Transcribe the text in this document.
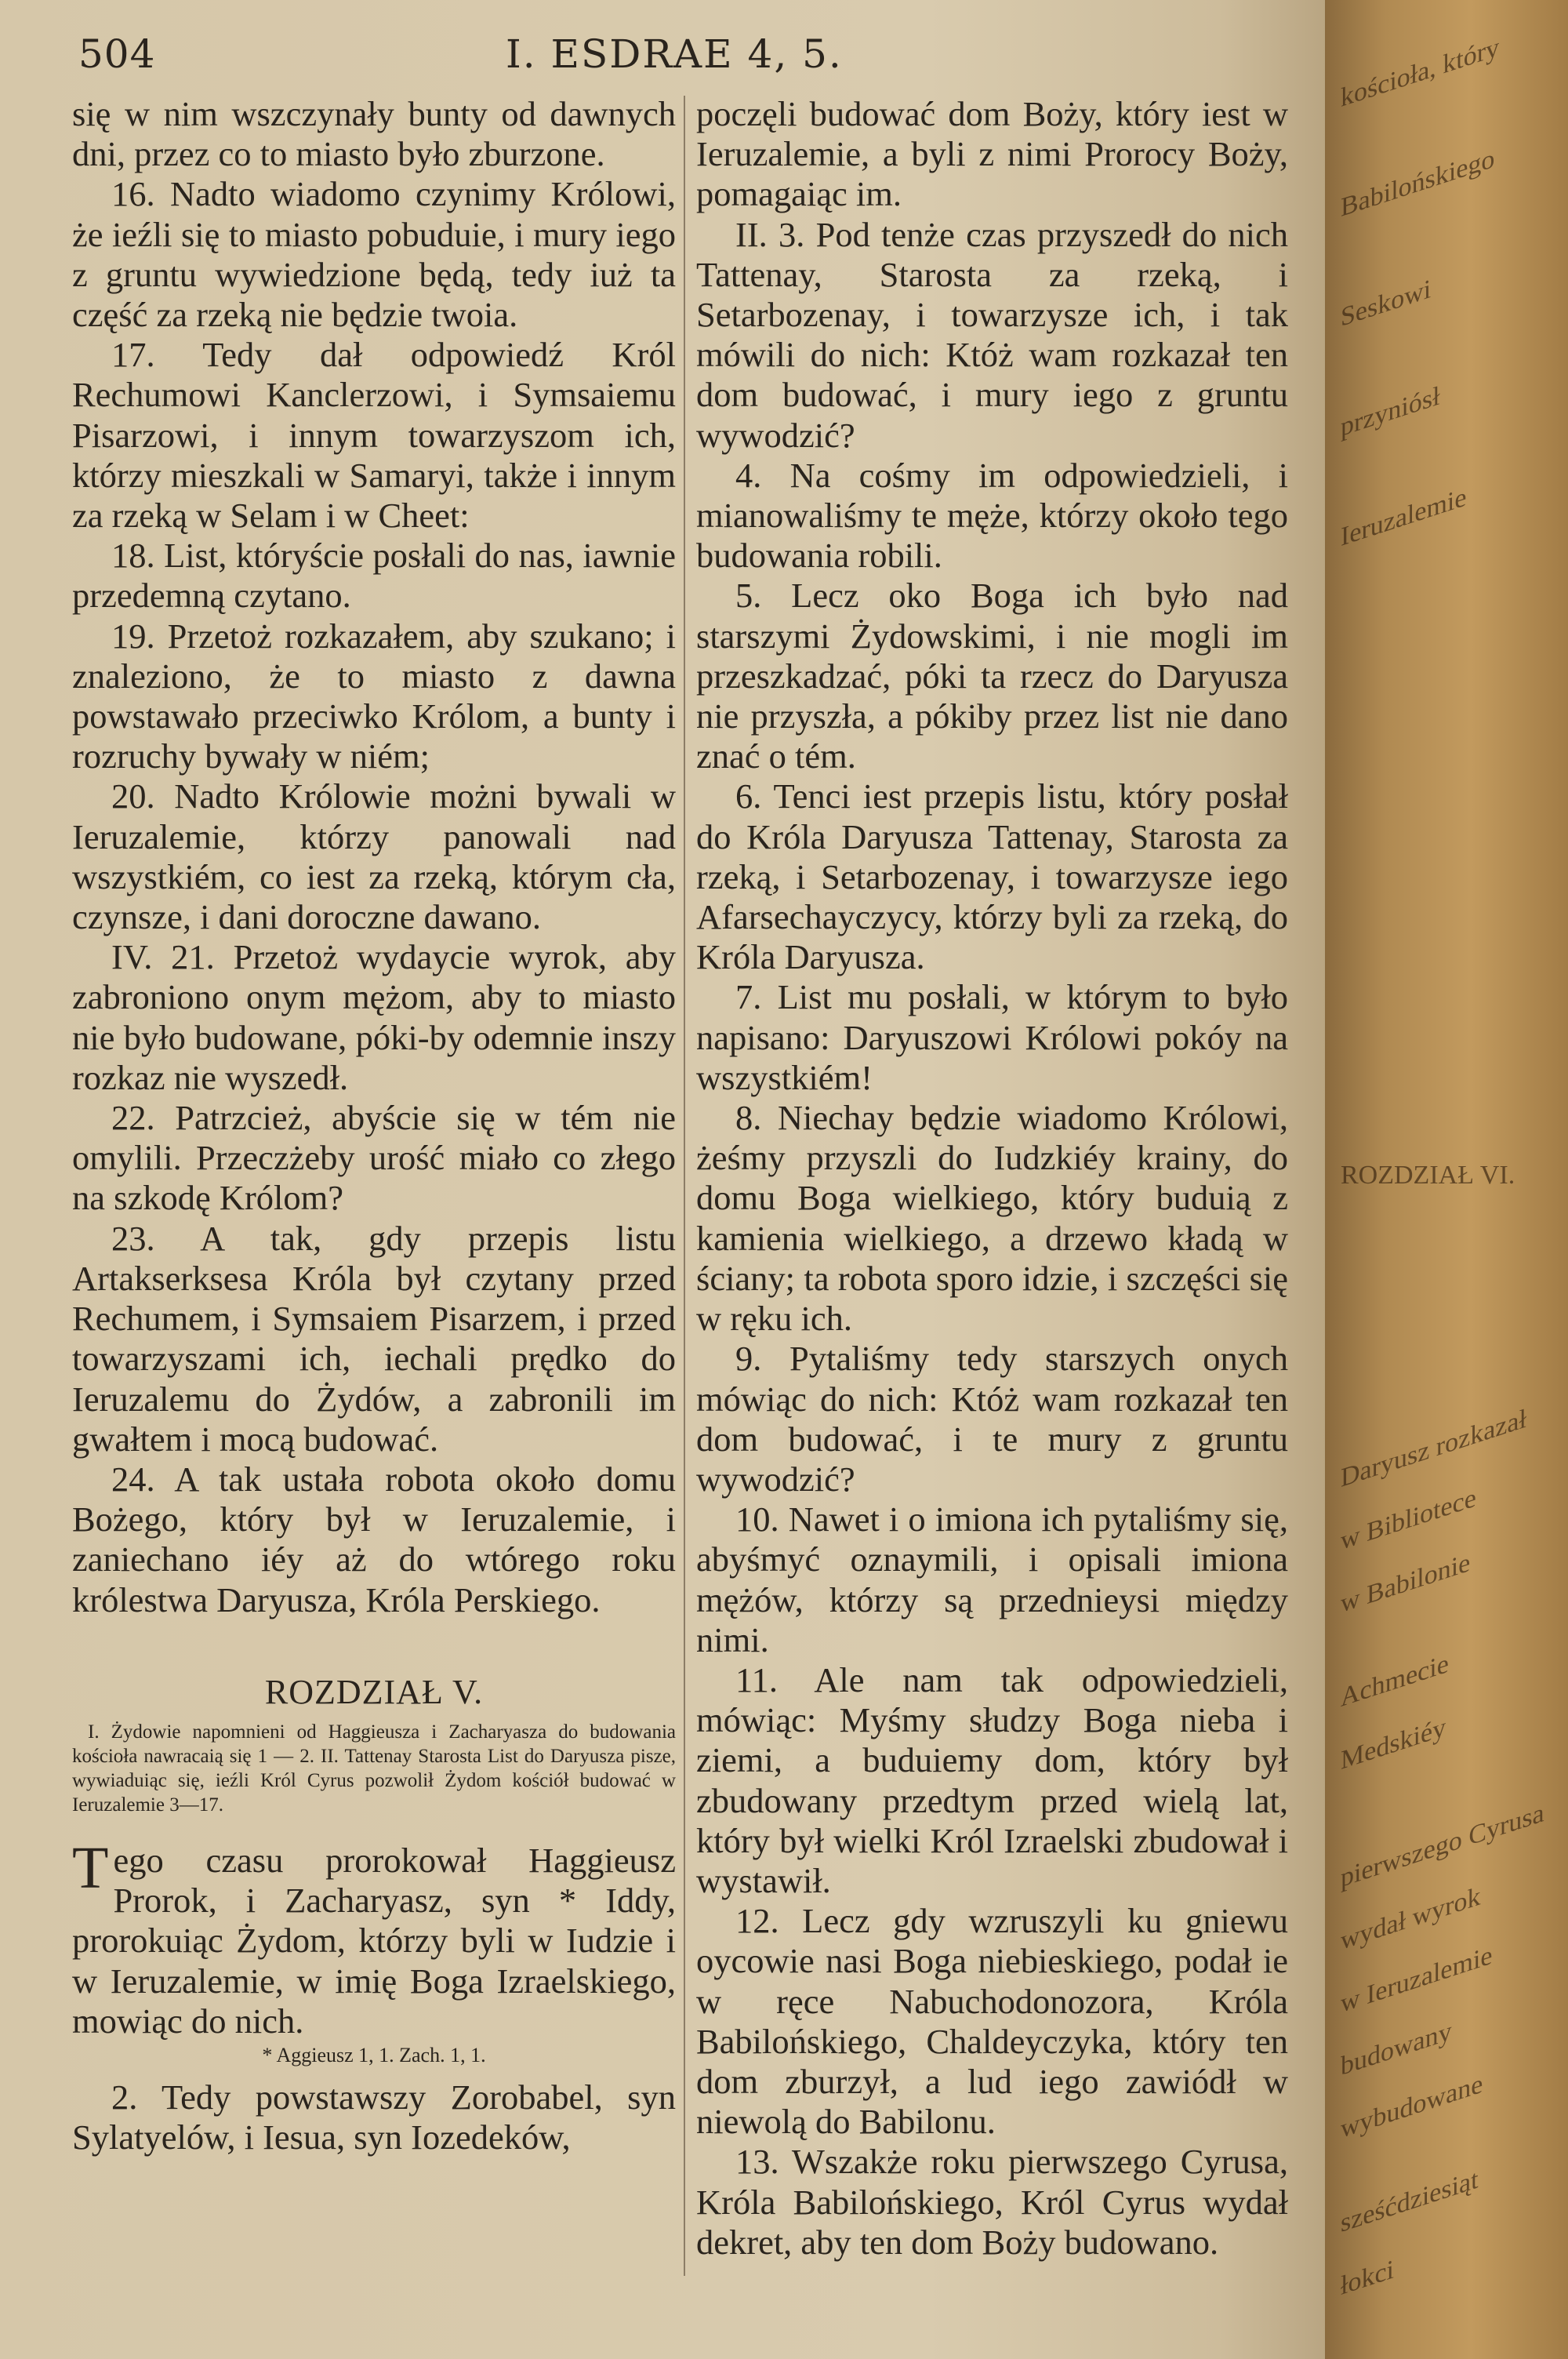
504	I. ESDRAE 4, 5.

się w nim wszczynały bunty od dawnych dni, przez co to miasto było zburzone.

16. Nadto wiadomo czynimy Królowi, że ieźli się to miasto pobuduie, i mury iego z gruntu wywiedzione będą, tedy iuż ta część za rzeką nie będzie twoia.

17. Tedy dał odpowiedź Król Rechumowi Kanclerzowi, i Symsaiemu Pisarzowi, i innym towarzyszom ich, którzy mieszkali w Samaryi, także i innym za rzeką w Selam i w Cheet:

18. List, któryście posłali do nas, iawnie przedemną czytano.

19. Przetoż rozkazałem, aby szukano; i znaleziono, że to miasto z dawna powstawało przeciwko Królom, a bunty i rozruchy bywały w niém;

20. Nadto Królowie możni bywali w Ieruzalemie, którzy panowali nad wszystkiém, co iest za rzeką, którym cła, czynsze, i dani doroczne dawano.

IV. 21. Przetoż wydaycie wyrok, aby zabroniono onym mężom, aby to miasto nie było budowane, póki-by odemnie inszy rozkaz nie wyszedł.

22. Patrzcież, abyście się w tém nie omylili. Przeczżeby urość miało co złego na szkodę Królom?

23. A tak, gdy przepis listu Artakserksesa Króla był czytany przed Rechumem, i Symsaiem Pisarzem, i przed towarzyszami ich, iechali prędko do Ieruzalemu do Żydów, a zabronili im gwałtem i mocą budować.

24. A tak ustała robota około domu Bożego, który był w Ieruzalemie, i zaniechano iéy aż do wtórego roku królestwa Daryusza, Króla Perskiego.

ROZDZIAŁ V.

I. Żydowie napomnieni od Haggieusza i Zacharyasza do budowania kościoła nawracaią się 1 — 2. II. Tattenay Starosta List do Daryusza pisze, wywiaduiąc się, ieźli Król Cyrus pozwolił Żydom kościół budować w Ieruzalemie 3—17.

Tego czasu prorokował Haggieusz Prorok, i Zacharyasz, syn * Iddy, prorokuiąc Żydom, którzy byli w Iudzie i w Ieruzalemie, w imię Boga Izraelskiego, mowiąc do nich.

* Aggieusz 1, 1. Zach. 1, 1.

2. Tedy powstawszy Zorobabel, syn Sylatyelów, i Iesua, syn Iozedeków,

poczęli budować dom Boży, który iest w Ieruzalemie, a byli z nimi Prorocy Boży, pomagaiąc im.

II. 3. Pod tenże czas przyszedł do nich Tattenay, Starosta za rzeką, i Setarbozenay, i towarzysze ich, i tak mówili do nich: Któż wam rozkazał ten dom budować, i mury iego z gruntu wywodzić?

4. Na cośmy im odpowiedzieli, i mianowaliśmy te męże, którzy około tego budowania robili.

5. Lecz oko Boga ich było nad starszymi Żydowskimi, i nie mogli im przeszkadzać, póki ta rzecz do Daryusza nie przyszła, a pókiby przez list nie dano znać o tém.

6. Tenci iest przepis listu, który posłał do Króla Daryusza Tattenay, Starosta za rzeką, i Setarbozenay, i towarzysze iego Afarsechayczycy, którzy byli za rzeką, do Króla Daryusza.

7. List mu posłali, w którym to było napisano: Daryuszowi Królowi pokóy na wszystkiém!

8. Niechay będzie wiadomo Królowi, żeśmy przyszli do Iudzkiéy krainy, do domu Boga wielkiego, który buduią z kamienia wielkiego, a drzewo kładą w ściany; ta robota sporo idzie, i szczęści się w ręku ich.

9. Pytaliśmy tedy starszych onych mówiąc do nich: Któż wam rozkazał ten dom budować, i te mury z gruntu wywodzić?

10. Nawet i o imiona ich pytaliśmy się, abyśmyć oznaymili, i opisali imiona mężów, którzy są przednieysi między nimi.

11. Ale nam tak odpowiedzieli, mówiąc: Myśmy słudzy Boga nieba i ziemi, a buduiemy dom, który był zbudowany przedtym przed wielą lat, który był wielki Król Izraelski zbudował i wystawił.

12. Lecz gdy wzruszyli ku gniewu oycowie nasi Boga niebieskiego, podał ie w ręce Nabuchodonozora, Króla Babilońskiego, Chaldeyczyka, który ten dom zburzył, a lud iego zawiódł w niewolą do Babilonu.

13. Wszakże roku pierwszego Cyrusa, Króla Babilońskiego, Król Cyrus wydał dekret, aby ten dom Boży budowano.

kościoła, który
Babilońskiego
Seskowi
przyniósł
Ieruzalemie
ROZDZIAŁ VI.
Daryusz rozkazał
w Bibliotece
w Babilonie
Achmecie
Medskiéy
pierwszego Cyrusa
wydał wyrok
w Ieruzalemie
budowany
wybudowane
sześćdziesiąt
łokci
